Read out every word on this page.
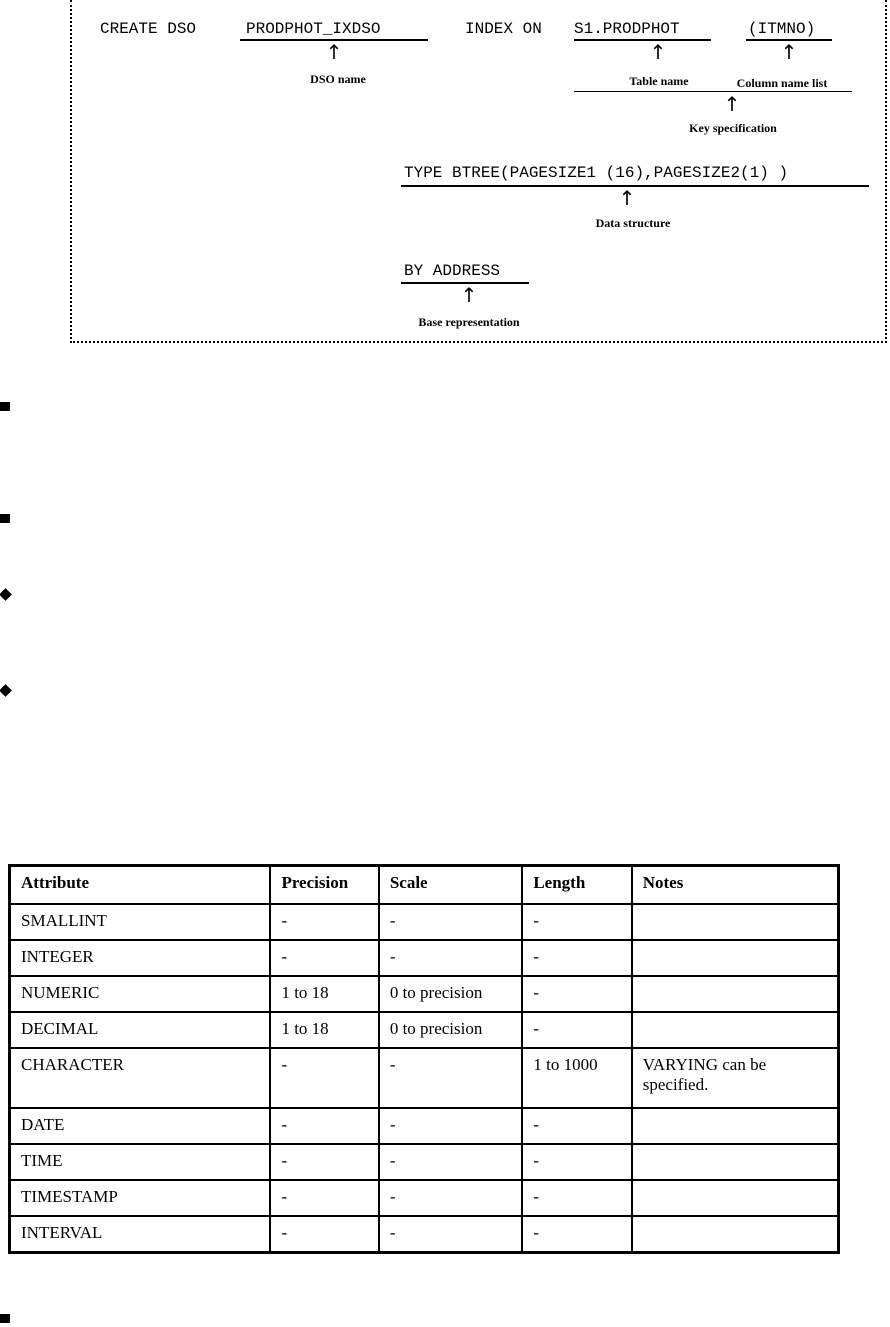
CREATE DSO	PRODPHOT_IXDSO	INDEX ON S1.PRODPHOT	(ITMNO)
↑
DSO name
↑
Table name
↑
Column name list
↑
Key specification
TYPE BTREE(PAGESIZE1 (16),PAGESIZE2(1) )
↑
Data structure
BY ADDRESS
↑
Base representation
Attribute	Precision	Scale	Length	Notes
SMALLINT	-	-	-	
INTEGER	-	-	-	
NUMERIC	1 to 18	0 to precision	-	
DECIMAL	1 to 18	0 to precision	-	
CHARACTER	-	-	1 to 1000	VARYING can be specified.
DATE	-	-	-	
TIME	-	-	-	
TIMESTAMP	-	-	-	
INTERVAL	-	-	-	
